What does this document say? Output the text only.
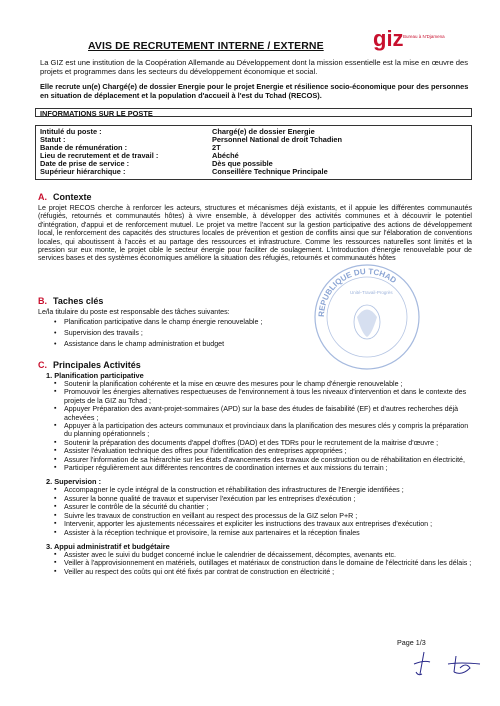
AVIS DE RECRUTEMENT INTERNE / EXTERNE giz Bureau à N'Djamena
La GIZ est une institution de la Coopération Allemande au Développement dont la mission essentielle est la mise en œuvre des projets et programmes dans les secteurs du développement économique et social.
Elle recrute un(e) Chargé(e) de dossier Energie pour le projet Energie et résilience socio-économique pour des personnes en situation de déplacement et la population d'accueil à l'est du Tchad (RECOS).
INFORMATIONS SUR LE POSTE
Intitulé du poste :	Chargé(e) de dossier Energie
Statut :	Personnel National de droit Tchadien
Bande de rémunération :	2T
Lieu de recrutement et de travail :	Abéché
Date de prise de service :	Dès que possible
Supérieur hiérarchique :	Conseillère Technique Principale
A. Contexte
Le projet RECOS cherche à renforcer les acteurs, structures et mécanismes déjà existants, et il appuie les différentes communautés (réfugiés, retournés et communautés hôtes) à vivre ensemble, à développer des activités communes et à découvrir le potentiel d'intégration, d'appui et de renforcement mutuel. Le projet va mettre l'accent sur la gestion participative des actions de développement local, le renforcement des capacités des structures locales de prévention et gestion de conflits ainsi que sur l'élaboration de conventions locales, qui aboutissent à l'accès et au partage des ressources et infrastructure. Comme les ressources naturelles sont limités et la pression sur eux monte, le projet cible le secteur énergie pour faciliter de soulagement. L'introduction d'énergie renouvelable pour de services bases et des systèmes économiques améliore la situation des réfugiés, retournés et communautés hôtes
B. Taches clés
Le/la titulaire du poste est responsable des tâches suivantes:
• Planification participative dans le champ énergie renouvelable ;
• Supervision des travails ;
• Assistance dans le champ administration et budget
C. Principales Activités
1. Planification participative
▪ Soutenir la planification cohérente et la mise en œuvre des mesures pour le champ d'énergie renouvelable ;
▪ Promouvoir les énergies alternatives respectueuses de l'environnement à tous les niveaux d'intervention et dans le contexte des projets de la GIZ au Tchad ;
▪ Appuyer Préparation des avant-projet-sommaires (APD) sur la base des études de faisabilité (EF) et d'autres recherches déjà achevées ;
▪ Appuyer à la participation des acteurs communaux et provinciaux dans la planification des mesures clés y compris la préparation du planning opérationnels ;
▪ Soutenir la préparation des documents d'appel d'offres (DAO) et des TDRs pour le recrutement de la maitrise d'œuvre ;
▪ Assister l'évaluation technique des offres pour l'identification des entreprises appropriées ;
▪ Assurer l'information de sa hiérarchie sur les états d'avancements des travaux de construction ou de réhabilitation en électricité,
▪ Participer régulièrement aux différentes rencontres de coordination internes et aux missions du terrain ;
2. Supervision :
▪ Accompagner le cycle intégral de la construction et réhabilitation des infrastructures de l'Energie identifiées ;
▪ Assurer la bonne qualité de travaux et superviser l'exécution par les entreprises d'exécution ;
▪ Assurer le contrôle de la sécurité du chantier ;
▪ Suivre les travaux de construction en veillant au respect des processus de la GIZ selon P+R ;
▪ Intervenir, apporter les ajustements nécessaires et expliciter les instructions des travaux aux entreprises d'exécution ;
▪ Assister à la réception technique et provisoire, la remise aux partenaires et la réception finales
3. Appui administratif et budgétaire
▪ Assister avec le suivi du budget concerné inclue le calendrier de décaissement, décomptes, avenants etc.
▪ Veiller à l'approvisionnement en matériels, outillages et matériaux de construction dans le domaine de l'électricité dans les délais ;
▪ Veiller au respect des coûts qui ont été fixés par contrat de construction en électricité ;
REPUBLIQUE DU TCHAD
Unité-Travail-Progrès
Page 1/3
